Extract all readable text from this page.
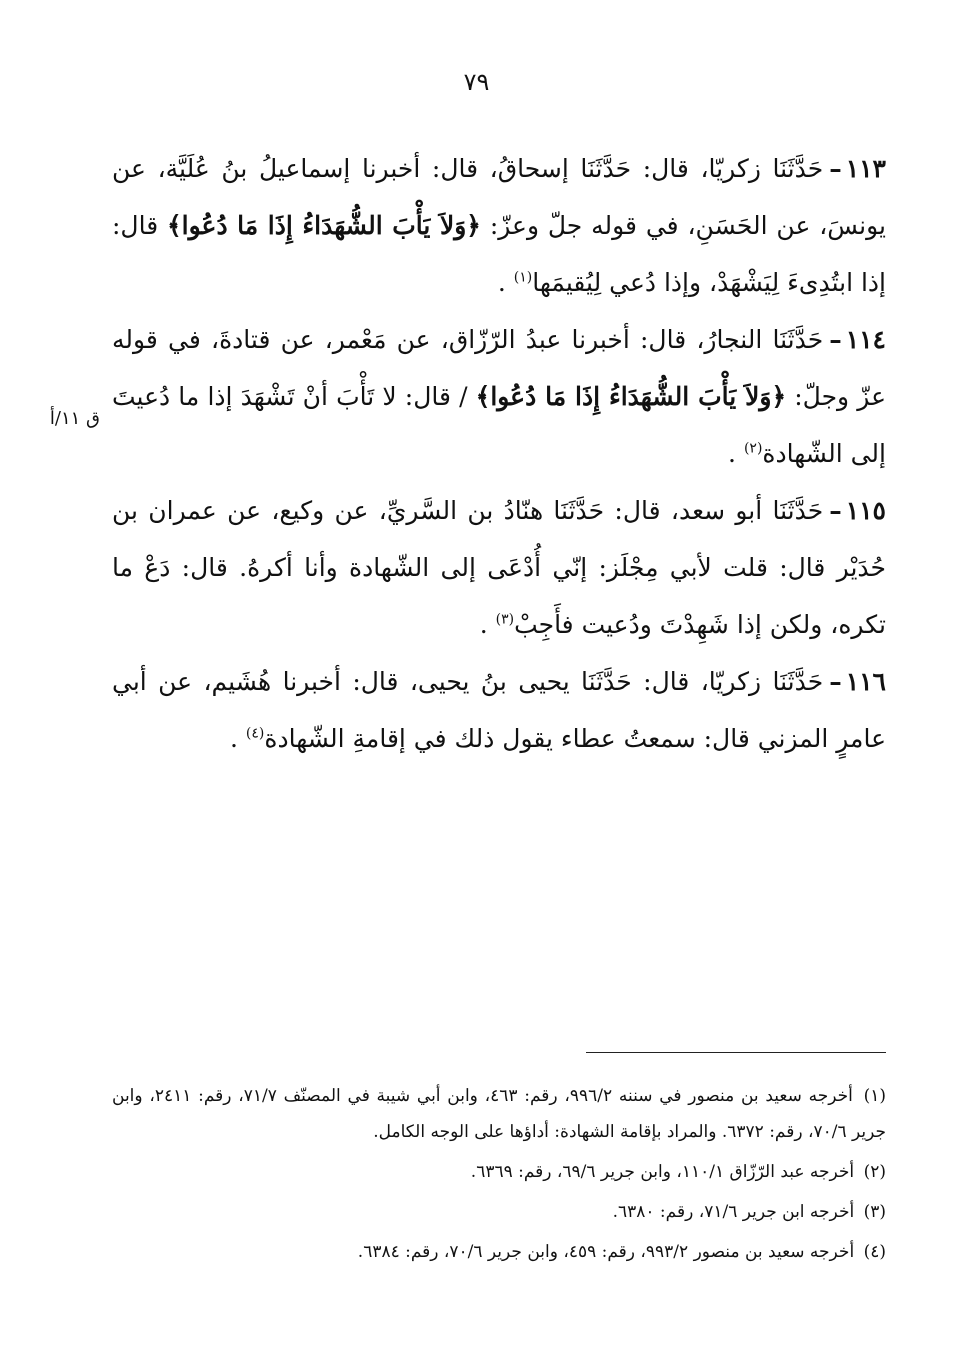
٧٩
ق ١١/أ

١١٣–حَدَّثَنَا زكريّا، قال: حَدَّثَنَا إسحاقُ، قال: أخبرنا إسماعيلُ بنُ عُلَيَّة، عن يونسَ، عن الحَسَنِ، في قوله جلّ وعزّ: ﴿وَلاَ يَأْبَ الشُّهَدَاءُ إِذَا مَا دُعُوا﴾ قال: إذا ابتُدِىءَ لِيَشْهَدْ، وإذا دُعي لِيُقيمَها$^{(١)}$ .

١١٤–حَدَّثَنَا النجارُ، قال: أخبرنا عبدُ الرّزّاق، عن مَعْمر، عن قتادةَ، في قوله عزّ وجلّ: ﴿وَلاَ يَأْبَ الشُّهَدَاءُ إِذَا مَا دُعُوا﴾ / قال: لا تَأْبَ أنْ تَشْهَدَ إذا ما دُعيتَ إلى الشّهادة$^{(٢)}$ .

١١٥–حَدَّثَنَا أبو سعد، قال: حَدَّثَنَا هنّادُ بن السَّريِّ، عن وكيع، عن عمران بن حُدَيْر قال: قلت لأبي مِجْلَز: إنّي أُدْعَى إلى الشّهادة وأنا أكرهُ. قال: دَعْ ما تكره، ولكن إذا شَهِدْتَ ودُعيت فأَجِبْ$^{(٣)}$ .

١١٦–حَدَّثَنَا زكريّا، قال: حَدَّثَنَا يحيى بنُ يحيى، قال: أخبرنا هُشَيم، عن أبي عامرٍ المزني قال: سمعتُ عطاء يقول ذلك في إقامةِ الشّهادة$^{(٤)}$ .

(١) أخرجه سعيد بن منصور في سننه ٩٩٦/٢، رقم: ٤٦٣، وابن أبي شيبة في المصنّف ٧١/٧، رقم: ٢٤١١، وابن جرير ٧٠/٦، رقم: ٦٣٧٢. والمراد بإقامة الشهادة: أداؤها على الوجه الكامل.

(٢) أخرجه عبد الرّزّاق ١١٠/١، وابن جرير ٦٩/٦، رقم: ٦٣٦٩.

(٣) أخرجه ابن جرير ٧١/٦، رقم: ٦٣٨٠.

(٤) أخرجه سعيد بن منصور ٩٩٣/٢، رقم: ٤٥٩، وابن جرير ٧٠/٦، رقم: ٦٣٨٤.
